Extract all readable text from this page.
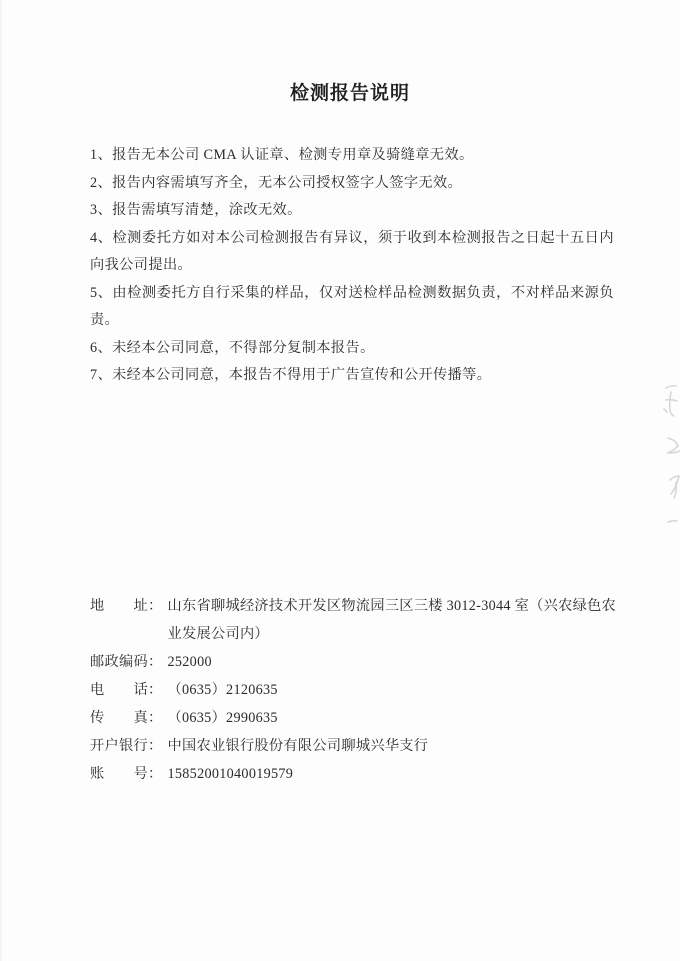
检测报告说明
1、报告无本公司 CMA 认证章、检测专用章及骑缝章无效。
2、报告内容需填写齐全，无本公司授权签字人签字无效。
3、报告需填写清楚，涂改无效。
4、检测委托方如对本公司检测报告有异议，须于收到本检测报告之日起十五日内向我公司提出。
5、由检测委托方自行采集的样品，仅对送检样品检测数据负责，不对样品来源负责。
6、未经本公司同意，不得部分复制本报告。
7、未经本公司同意，本报告不得用于广告宣传和公开传播等。
地址 ： 山东省聊城经济技术开发区物流园三区三楼 3012-3044 室（兴农绿色农业发展公司内）
邮政编码 ： 252000
电话 ： （0635）2120635
传真 ： （0635）2990635
开户银行 ： 中国农业银行股份有限公司聊城兴华支行
账号 ： 15852001040019579
